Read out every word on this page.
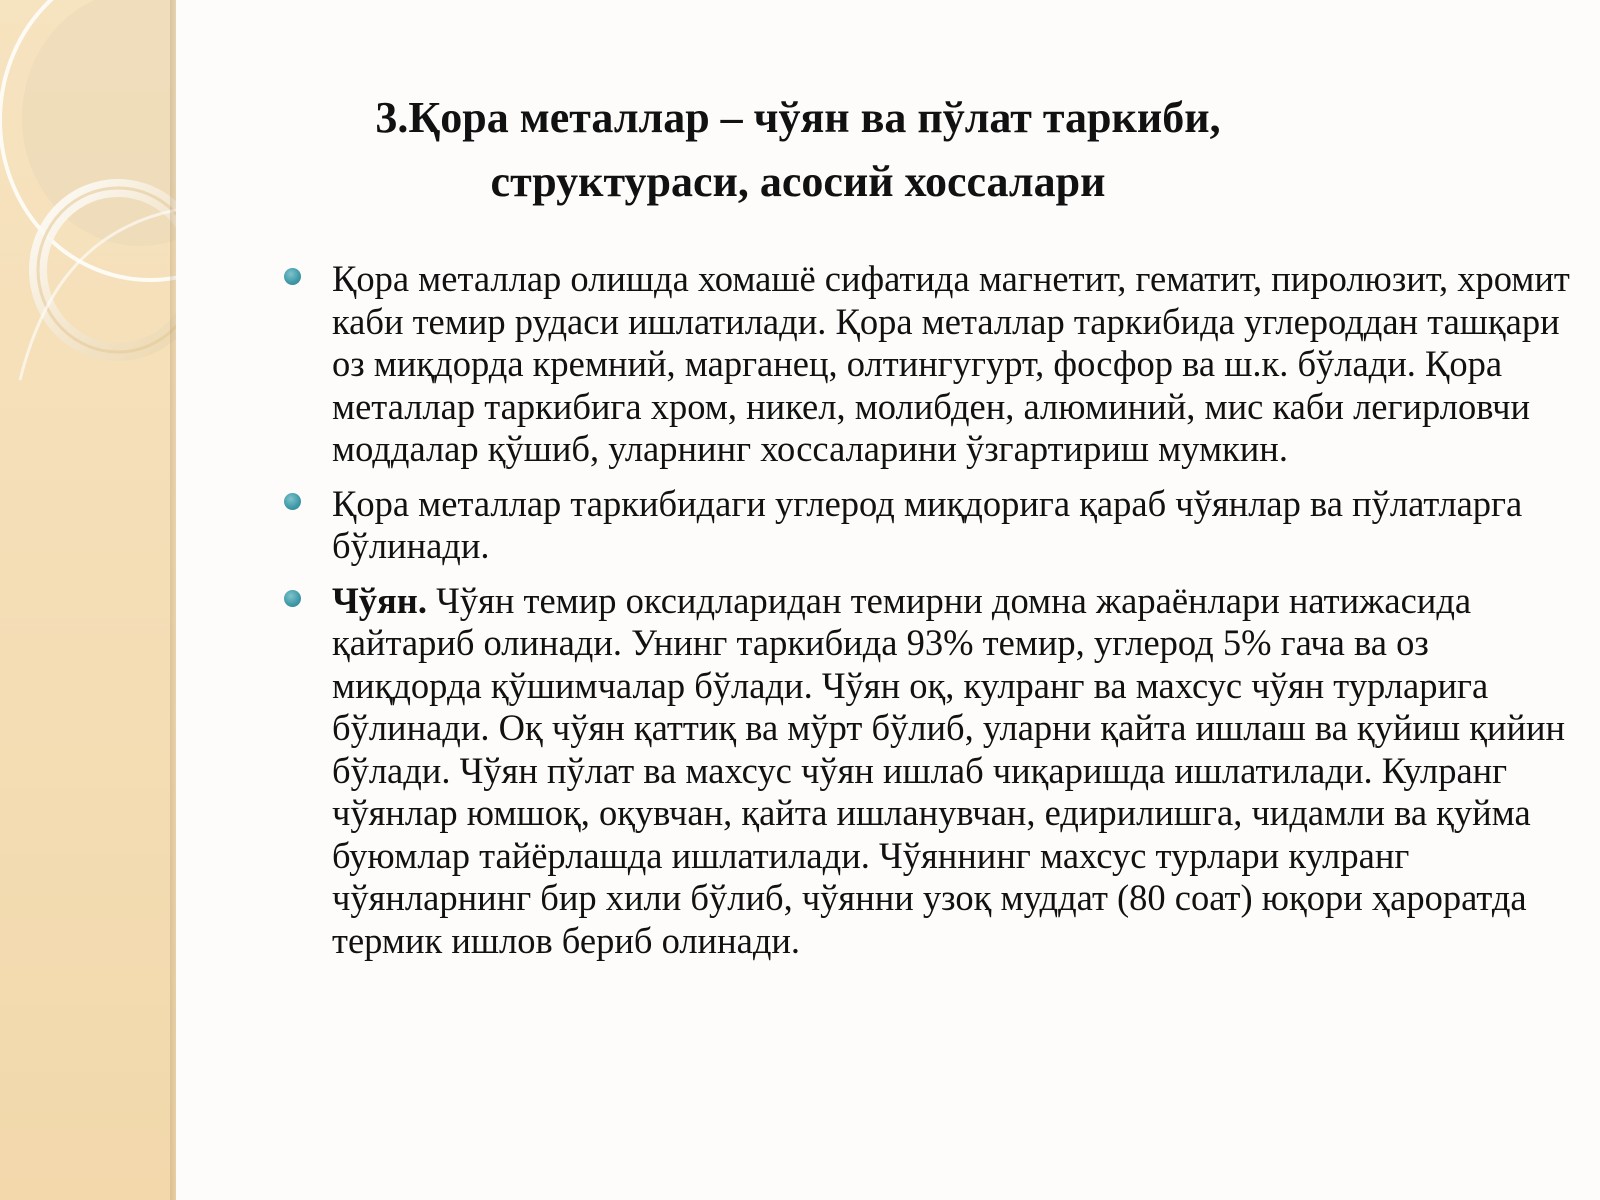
3.Қора металлар – чўян ва пўлат таркиби,
структураси, асосий хоссалари
Қора металлар олишда хомашё сифатида магнетит, гематит, пиролюзит, хромит каби темир рудаси ишлатилади. Қора металлар таркибида углероддан ташқари оз миқдорда кремний, марганец, олтингугурт, фосфор ва ш.к. бўлади. Қора металлар таркибига хром, никел, молибден, алюминий, мис каби легирловчи моддалар қўшиб, уларнинг хоссаларини ўзгартириш мумкин.
Қора металлар таркибидаги углерод миқдорига қараб чўянлар ва пўлатларга бўлинади.
Чўян. Чўян темир оксидларидан темирни домна жараёнлари натижасида қайтариб олинади. Унинг таркибида 93% темир, углерод 5% гача ва оз миқдорда қўшимчалар бўлади. Чўян оқ, кулранг ва махсус чўян турларига бўлинади. Оқ чўян қаттиқ ва мўрт бўлиб, уларни қайта ишлаш ва қуйиш қийин бўлади. Чўян пўлат ва махсус чўян ишлаб чиқаришда ишлатилади. Кулранг чўянлар юмшоқ, оқувчан, қайта ишланувчан, едирилишга, чидамли ва қуйма буюмлар тайёрлашда ишлатилади. Чўяннинг махсус турлари кулранг чўянларнинг бир хили бўлиб, чўянни узоқ муддат (80 соат) юқори ҳароратда термик ишлов бериб олинади.
